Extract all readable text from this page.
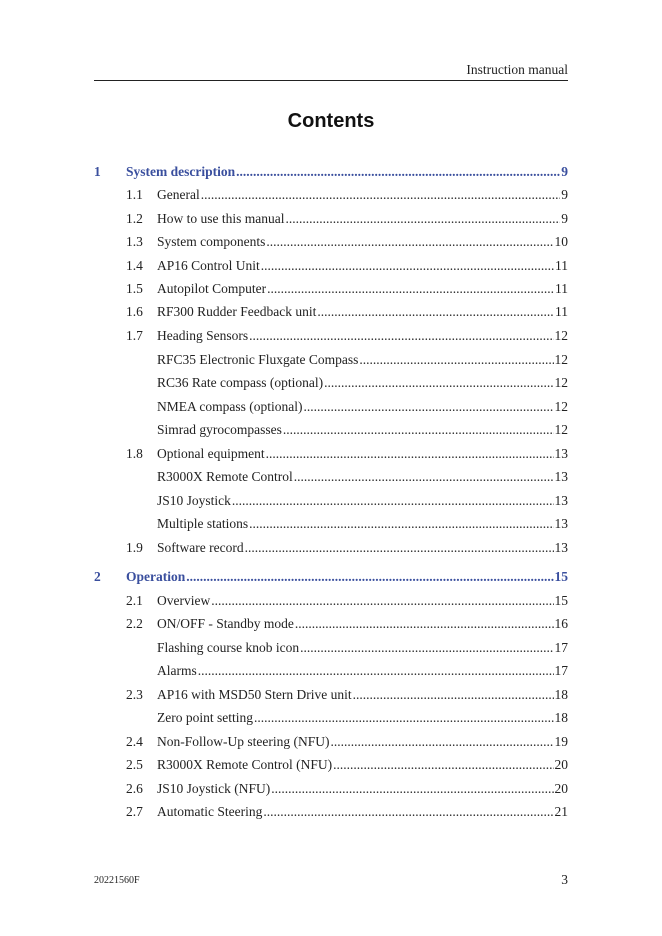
Instruction manual
Contents
1 System description .....	9
1.1 General .....	9
1.2 How to use this manual .....	9
1.3 System components .....	10
1.4 AP16 Control Unit .....	11
1.5 Autopilot Computer .....	11
1.6 RF300 Rudder Feedback unit .....	11
1.7 Heading Sensors .....	12
RFC35 Electronic Fluxgate Compass .....	12
RC36 Rate compass (optional) .....	12
NMEA compass (optional) .....	12
Simrad gyrocompasses .....	12
1.8 Optional equipment .....	13
R3000X Remote Control .....	13
JS10 Joystick .....	13
Multiple stations .....	13
1.9 Software record .....	13
2 Operation .....	15
2.1 Overview .....	15
2.2 ON/OFF - Standby mode .....	16
Flashing course knob icon .....	17
Alarms .....	17
2.3 AP16 with MSD50 Stern Drive unit .....	18
Zero point setting .....	18
2.4 Non-Follow-Up steering (NFU) .....	19
2.5 R3000X Remote Control (NFU) .....	20
2.6 JS10 Joystick (NFU) .....	20
2.7 Automatic Steering .....	21
20221560F	3
